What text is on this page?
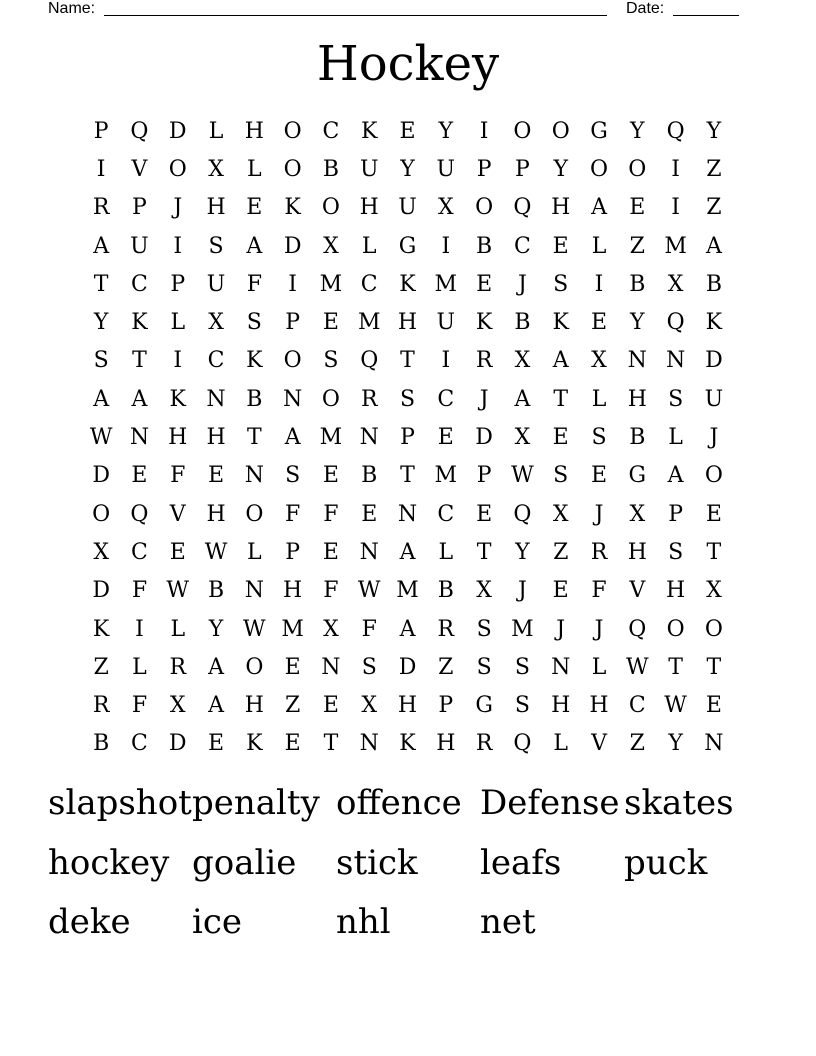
Name:	Date:
Hockey
P Q D	L H O C K	E	Y	I	O O G	Y	Q	Y
I	V O X	L O B U Y U P	P	Y	O O	I	Z
R	P	J	H E	K O H U X O Q H A	E	I	Z
A U	I	S	A D X	L	G	I	B C E	L	Z M A
T	C	P U F	I	M C K M E	J	S	I	B	X	B
Y	K	L	X	S	P	E M H U K	B K	E	Y	Q K
S	T	I	C K O S Q T	I	R	X	A	X N N D
A	A	K N B N O R	S	C	J	A	T	L H S U
W N H H T	A M N P	E D X	E	S	B	L	J
D E	F	E N S	E	B	T M P W S	E G A O
O Q V H O F	F	E N C E Q X	J	X	P	E
X	C E W L	P	E N A	L	T	Y	Z	R H S	T
D F W B N H F W M B	X	J	E	F	V H X
K	I	L	Y W M X	F	A	R	S M	J	J	Q O O
Z	L	R	A O E N S D Z	S	S N L W T	T
R	F	X	A H Z	E	X H P	G S H H C W E
B C D E	K	E	T N K H R Q L	V	Z	Y N
slapshot penalty offence Defense skates
hockey goalie	stick	leafs	puck
deke	ice	nhl	net
